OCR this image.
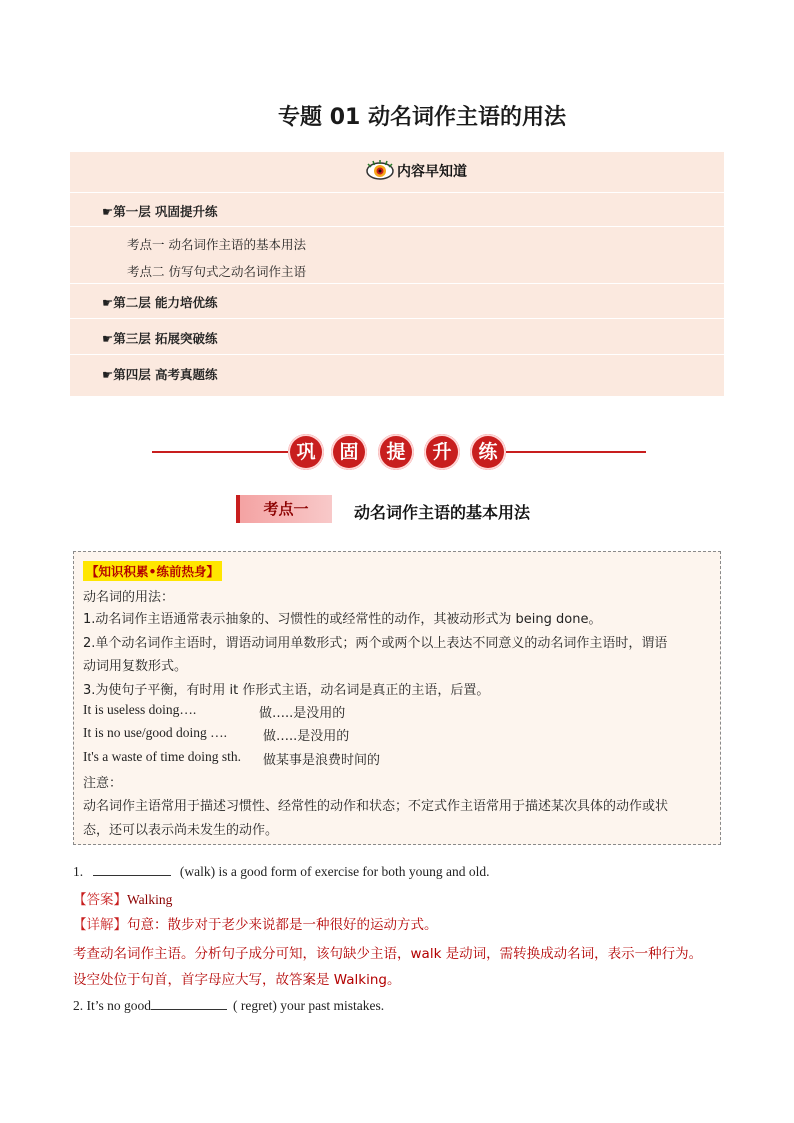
专题 01 动名词作主语的用法
内容早知道
☛第一层 巩固提升练
考点一 动名词作主语的基本用法
考点二 仿写句式之动名词作主语
☛第二层 能力培优练
☛第三层 拓展突破练
☛第四层 高考真题练
巩	固	提	升	练
考点一	动名词作主语的基本用法
【知识积累•练前热身】
动名词的用法：
1.动名词作主语通常表示抽象的、习惯性的或经常性的动作，其被动形式为 being done。
2.单个动名词作主语时，谓语动词用单数形式；两个或两个以上表达不同意义的动名词作主语时，谓语
动词用复数形式。
3.为使句子平衡，有时用 it 作形式主语，动名词是真正的主语，后置。
It is useless doing….	做…..是没用的
It is no use/good doing ….	做…..是没用的
It's a waste of time doing sth. 做某事是浪费时间的
注意：
动名词作主语常用于描述习惯性、经常性的动作和状态；不定式作主语常用于描述某次具体的动作或状
态，还可以表示尚未发生的动作。
1.	(walk) is a good form of exercise for both young and old.
【答案】Walking
【详解】句意：散步对于老少来说都是一种很好的运动方式。
考查动名词作主语。分析句子成分可知，该句缺少主语，walk 是动词，需转换成动名词，表示一种行为。
设空处位于句首，首字母应大写，故答案是 Walking。
2. It’s no good	( regret) your past mistakes.
